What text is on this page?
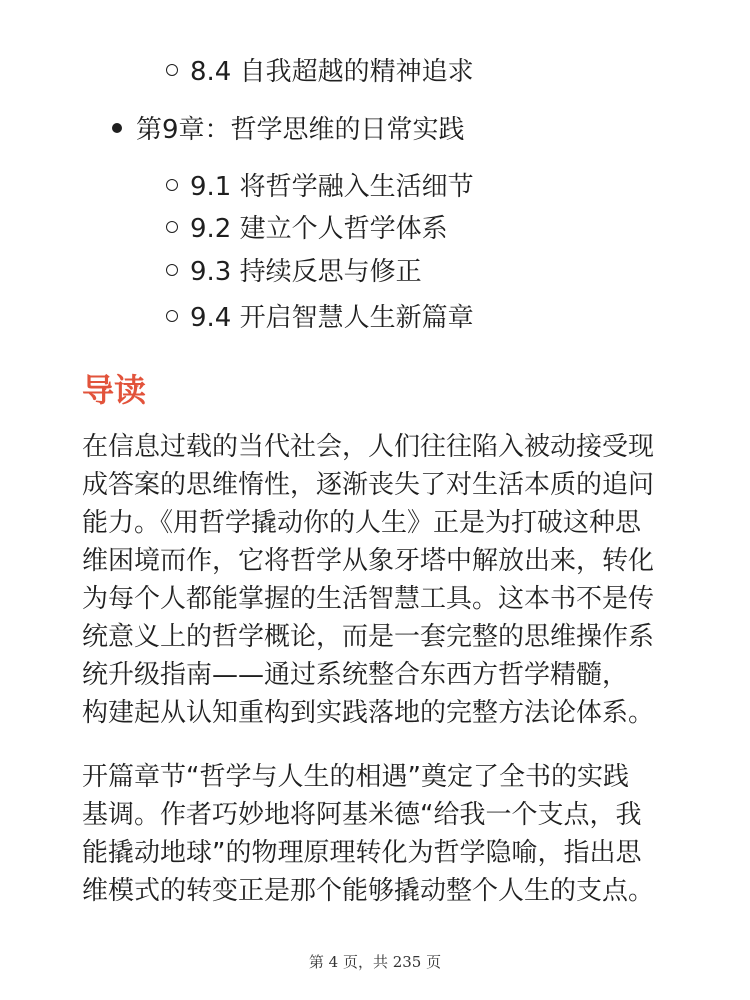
8.4 自我超越的精神追求
第9章：哲学思维的日常实践
9.1 将哲学融入生活细节
9.2 建立个人哲学体系
9.3 持续反思与修正
9.4 开启智慧人生新篇章
导读
在信息过载的当代社会，人们往往陷入被动接受现
成答案的思维惰性，逐渐丧失了对生活本质的追问
能力。《用哲学撬动你的人生》正是为打破这种思
维困境而作，它将哲学从象牙塔中解放出来，转化
为每个人都能掌握的生活智慧工具。这本书不是传
统意义上的哲学概论，而是一套完整的思维操作系
统升级指南——通过系统整合东西方哲学精髓，
构建起从认知重构到实践落地的完整方法论体系。
开篇章节“哲学与人生的相遇”奠定了全书的实践
基调。作者巧妙地将阿基米德“给我一个支点，我
能撬动地球”的物理原理转化为哲学隐喻，指出思
维模式的转变正是那个能够撬动整个人生的支点。
第 4 页，共 235 页
